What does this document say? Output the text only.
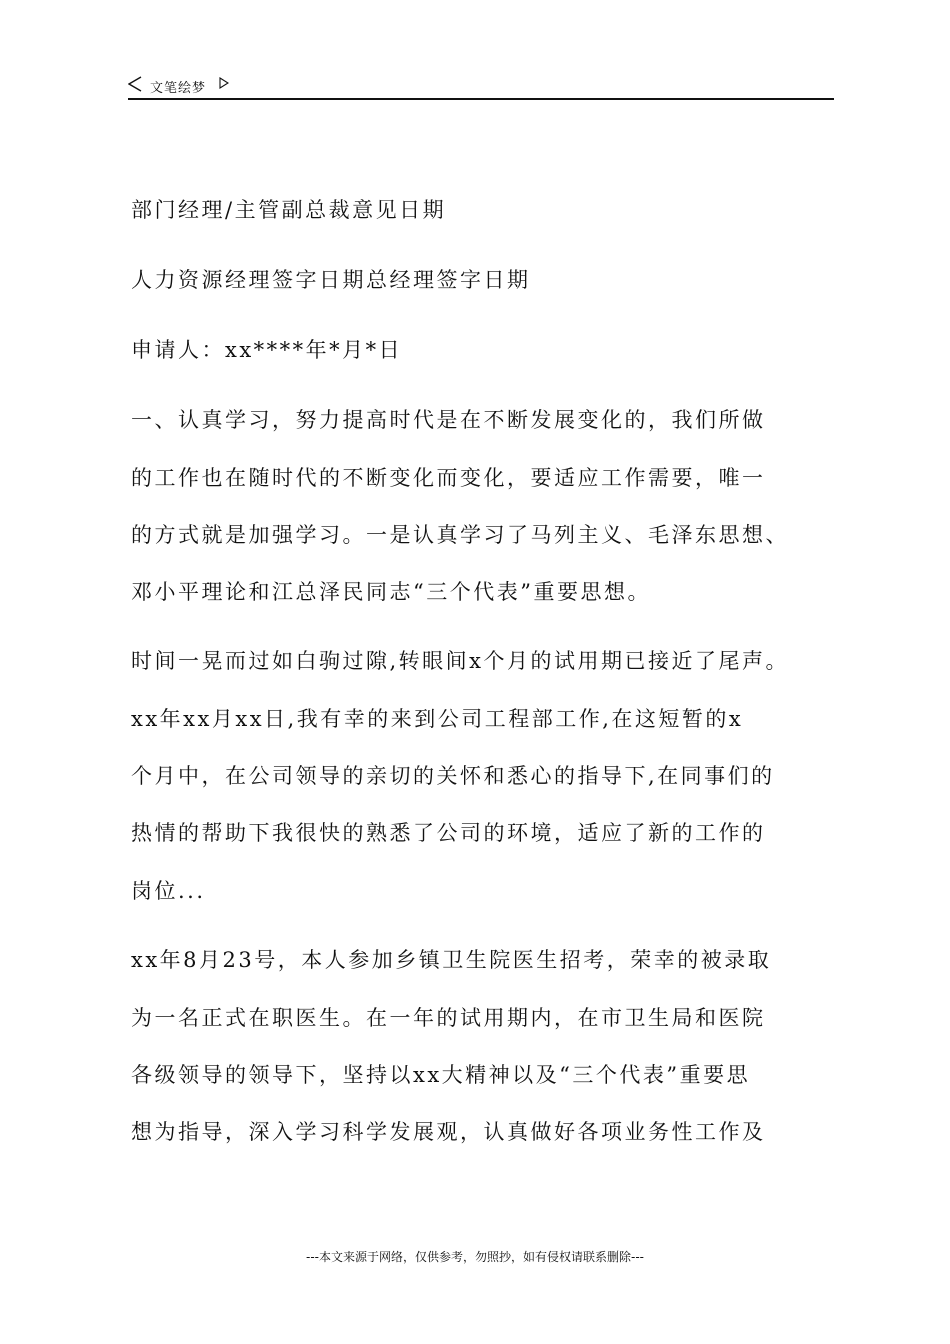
文笔绘梦
部门经理/主管副总裁意见日期
人力资源经理签字日期总经理签字日期
申请人：xx****年*月*日
一、认真学习，努力提高时代是在不断发展变化的，我们所做
的工作也在随时代的不断变化而变化，要适应工作需要，唯一
的方式就是加强学习。一是认真学习了马列主义、毛泽东思想、
邓小平理论和江总泽民同志“三个代表”重要思想。
时间一晃而过如白驹过隙,转眼间x个月的试用期已接近了尾声。
xx年xx月xx日,我有幸的来到公司工程部工作,在这短暂的x
个月中，在公司领导的亲切的关怀和悉心的指导下,在同事们的
热情的帮助下我很快的熟悉了公司的环境，适应了新的工作的
岗位...
xx年8月23号，本人参加乡镇卫生院医生招考，荣幸的被录取
为一名正式在职医生。在一年的试用期内，在市卫生局和医院
各级领导的领导下，坚持以xx大精神以及“三个代表”重要思
想为指导，深入学习科学发展观，认真做好各项业务性工作及
---本文来源于网络，仅供参考，勿照抄，如有侵权请联系删除---
